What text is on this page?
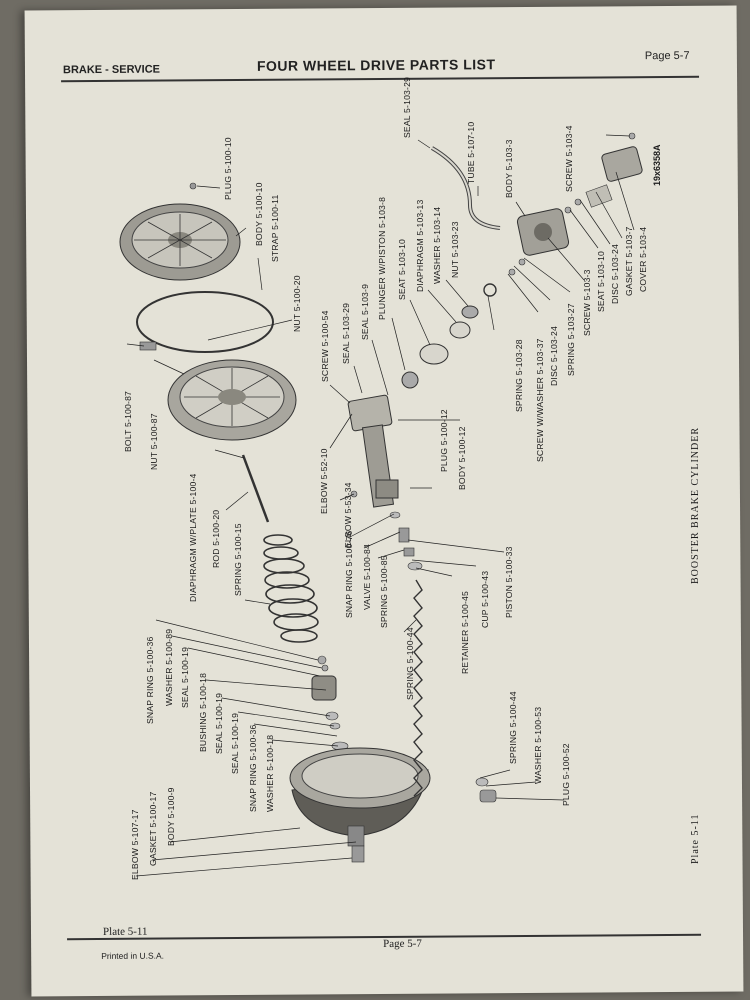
BRAKE - SERVICE	FOUR WHEEL DRIVE PARTS LIST
Page 5-7
Plate 5-11
Page 5-7
Printed in U.S.A.
PLUG 5-100-10
BODY 5-100-10 STRAP 5-100-11
NUT 5-100-20
BOLT 5-100-87 NUT 5-100-87
DIAPHRAGM W/PLATE 5-100-4 ROD 5-100-20 SPRING 5-100-15
SCREW 5-100-54 SEAL 5-103-29 SEAL 5-103-9 PLUNGER W/PISTON 5-103-8 SEAT 5-103-10 DIAPHRAGM 5-103-13 WASHER 5-103-14 NUT 5-103-23
SEAL 5-103-29
TUBE 5-107-10	BODY 5-103-3	SCREW 5-103-4
ELBOW 5-52-10
ELBOW 5-53-34
PLUG 5-100-12 BODY 5-100-12
SNAP RING 5-100-76 VALVE 5-100-84 SPRING 5-100-85	PISTON 5-100-33
CUP 5-100-43
RETAINER 5-100-45
SPRING 5-100-44
SPRING 5-103-28 SCREW W/WASHER 5-103-37 DISC 5-103-24 SPRING 5-103-27
SCREW 5-103-3 SEAT 5-103-10 DISC 5-103-24 GASKET 5-103-7 COVER 5-103-4
SNAP RING 5-100-36 WASHER 5-100-89 SEAL 5-100-19 BUSHING 5-100-18 SEAL 5-100-19 SEAL 5-100-19 SNAP RING 5-100-36 WASHER 5-100-18
ELBOW 5-107-17 GASKET 5-100-17 BODY 5-100-9
SPRING 5-100-44 WASHER 5-100-53 PLUG 5-100-52
19x6358A
BOOSTER BRAKE CYLINDER
Plate 5-11
